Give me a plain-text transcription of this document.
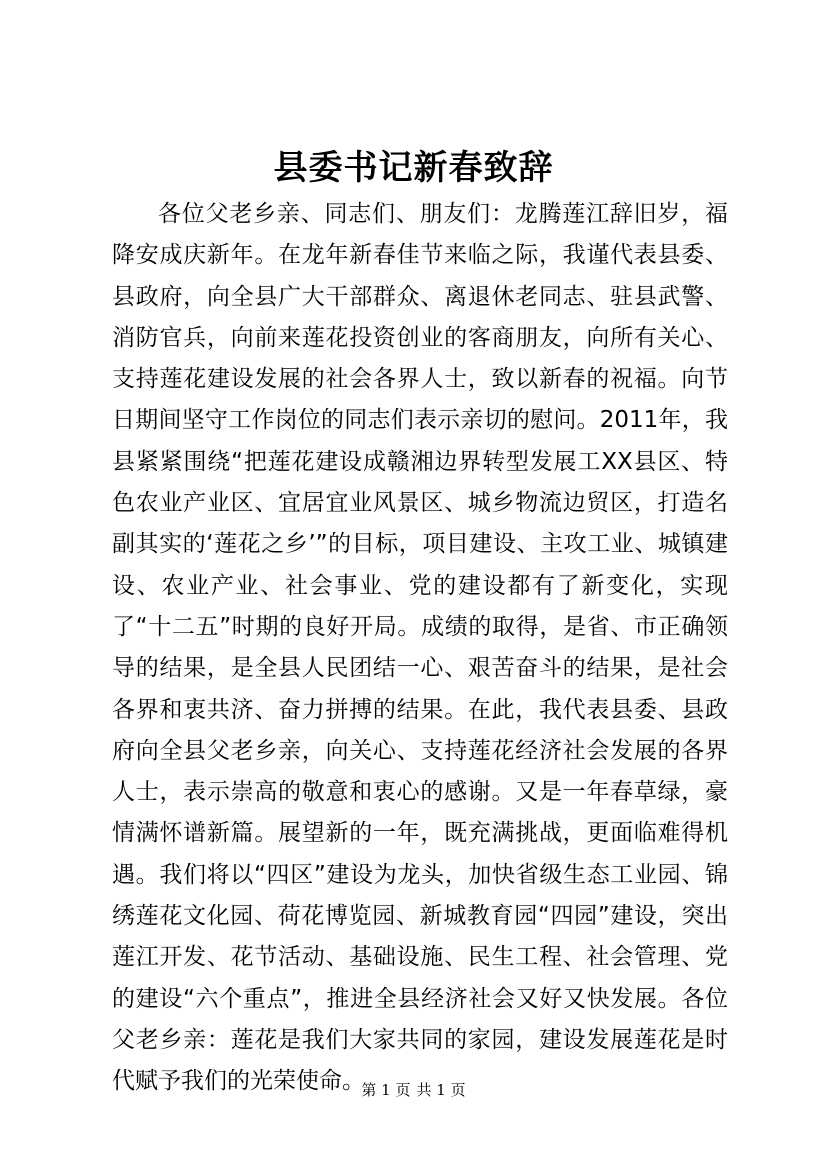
县委书记新春致辞

各位父老乡亲、同志们、朋友们：龙腾莲江辞旧岁，福降安成庆新年。在龙年新春佳节来临之际，我谨代表县委、县政府，向全县广大干部群众、离退休老同志、驻县武警、消防官兵，向前来莲花投资创业的客商朋友，向所有关心、支持莲花建设发展的社会各界人士，致以新春的祝福。向节日期间坚守工作岗位的同志们表示亲切的慰问。2011年，我县紧紧围绕“把莲花建设成赣湘边界转型发展工XX县区、特色农业产业区、宜居宜业风景区、城乡物流边贸区，打造名副其实的‘莲花之乡’”的目标，项目建设、主攻工业、城镇建设、农业产业、社会事业、党的建设都有了新变化，实现了“十二五”时期的良好开局。成绩的取得，是省、市正确领导的结果，是全县人民团结一心、艰苦奋斗的结果，是社会各界和衷共济、奋力拼搏的结果。在此，我代表县委、县政府向全县父老乡亲，向关心、支持莲花经济社会发展的各界人士，表示崇高的敬意和衷心的感谢。又是一年春草绿，豪情满怀谱新篇。展望新的一年，既充满挑战，更面临难得机遇。我们将以“四区”建设为龙头，加快省级生态工业园、锦绣莲花文化园、荷花博览园、新城教育园“四园”建设，突出莲江开发、花节活动、基础设施、民生工程、社会管理、党的建设“六个重点”，推进全县经济社会又好又快发展。各位父老乡亲：莲花是我们大家共同的家园，建设发展莲花是时代赋予我们的光荣使命。

第 1 页 共 1 页
